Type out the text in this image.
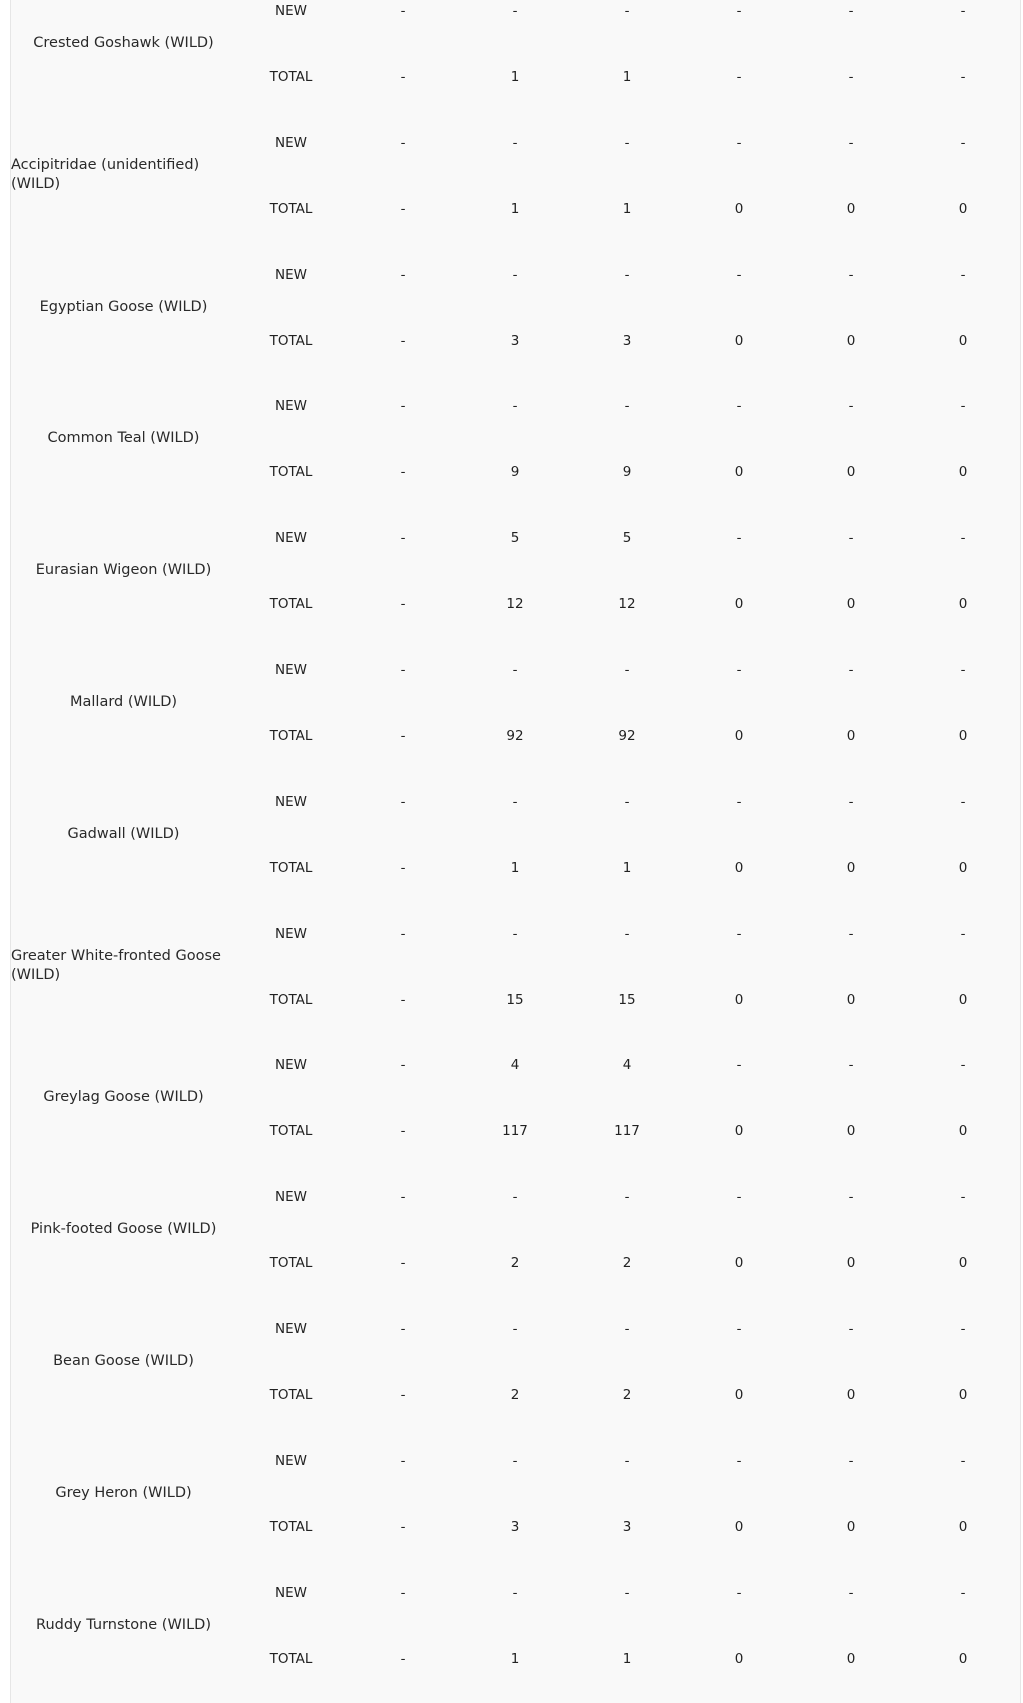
Crested Goshawk (WILD)
NEW	-	-	-	-	-	-
TOTAL	-	1	1	-	-	-
Accipitridae (unidentified) (WILD)
NEW	-	-	-	-	-	-
TOTAL	-	1	1	0	0	0
Egyptian Goose (WILD)
NEW	-	-	-	-	-	-
TOTAL	-	3	3	0	0	0
Common Teal (WILD)
NEW	-	-	-	-	-	-
TOTAL	-	9	9	0	0	0
Eurasian Wigeon (WILD)
NEW	-	5	5	-	-	-
TOTAL	-	12	12	0	0	0
Mallard (WILD)
NEW	-	-	-	-	-	-
TOTAL	-	92	92	0	0	0
Gadwall (WILD)
NEW	-	-	-	-	-	-
TOTAL	-	1	1	0	0	0
Greater White-fronted Goose (WILD)
NEW	-	-	-	-	-	-
TOTAL	-	15	15	0	0	0
Greylag Goose (WILD)
NEW	-	4	4	-	-	-
TOTAL	-	117	117	0	0	0
Pink-footed Goose (WILD)
NEW	-	-	-	-	-	-
TOTAL	-	2	2	0	0	0
Bean Goose (WILD)
NEW	-	-	-	-	-	-
TOTAL	-	2	2	0	0	0
Grey Heron (WILD)
NEW	-	-	-	-	-	-
TOTAL	-	3	3	0	0	0
Ruddy Turnstone (WILD)
NEW	-	-	-	-	-	-
TOTAL	-	1	1	0	0	0
